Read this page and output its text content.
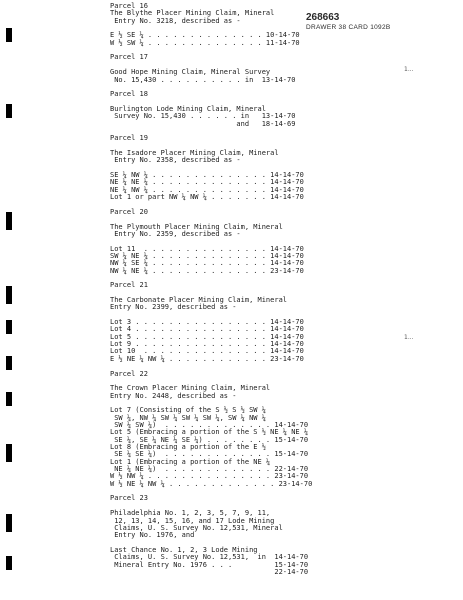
268663
DRAWER 38 CARD 1092B
1...
1...
Parcel 16
The Blythe Placer Mining Claim, Mineral
Entry No. 3218, described as -
E ½ SE ¼ . . . . . . . . . . . . . . 10-14-70
W ½ SW ¼ . . . . . . . . . . . . . . 11-14-70
Parcel 17
Good Hope Mining Claim, Mineral Survey
No. 15,430 . . . . . . . . . . in  13-14-70
Parcel 18
Burlington Lode Mining Claim, Mineral
Survey No. 15,430 . . . . . . in   13-14-70
and   18-14-69
Parcel 19
The Isadore Placer Mining Claim, Mineral
Entry No. 2358, described as -
SE ¼ NW ¼ . . . . . . . . . . . . . . 14-14-70
NE ¼ NE ¼ . . . . . . . . . . . . . . 14-14-70
NE ¼ NW ¼ . . . . . . . . . . . . . . 14-14-70
Lot 1 or part NW ¼ NW ¼ . . . . . . . 14-14-70
Parcel 20
The Plymouth Placer Mining Claim, Mineral
Entry No. 2359, described as -
Lot 11  . . . . . . . . . . . . . . . 14-14-70
SW ¼ NE ¼ . . . . . . . . . . . . . . 14-14-70
NW ¼ SE ¼ . . . . . . . . . . . . . . 14-14-70
NW ¼ NE ¼ . . . . . . . . . . . . . . 23-14-70
Parcel 21
The Carbonate Placer Mining Claim, Mineral
Entry No. 2399, described as -
Lot 3 . . . . . . . . . . . . . . . . 14-14-70
Lot 4 . . . . . . . . . . . . . . . . 14-14-70
Lot 5 . . . . . . . . . . . . . . . . 14-14-70
Lot 9 . . . . . . . . . . . . . . . . 14-14-70
Lot 10  . . . . . . . . . . . . . . . 14-14-70
E ½ NE ¼ NW ¼ . . . . . . . . . . . . 23-14-70
Parcel 22
The Crown Placer Mining Claim, Mineral
Entry No. 2448, described as -
Lot 7 (Consisting of the S ½ S ½ SW ¼
SW ¼, NW ¼ SW ¼ SW ¼ SW ¼, SW ¼ NW ¼
SW ¼ SW ¼)  . . . . . . . . . . . . . 14-14-70
Lot 5 (Embracing a portion of the S ½ NE ¼ NE ¼
SE ¼, SE ¼ NE ¼ SE ¼) . . . . . . . . 15-14-70
Lot 8 (Embracing a portion of the E ½
SE ¼ SE ¼)  . . . . . . . . . . . . . 15-14-70
Lot 1 (Embracing a portion of the NE ¼
NE ¼ NE ¼)  . . . . . . . . . . . . . 22-14-70
W ½ NW ¼ . . . . . . . . . . . . . . . 23-14-70
W ½ NE ¼ NW ¼ . . . . . . . . . . . . . 23-14-70
Parcel 23
Philadelphia No. 1, 2, 3, 5, 7, 9, 11,
12, 13, 14, 15, 16, and 17 Lode Mining
Claims, U. S. Survey No. 12,531, Mineral
Entry No. 1976, and
Last Chance No. 1, 2, 3 Lode Mining
Claims, U. S. Survey No. 12,531,  in  14-14-70
Mineral Entry No. 1976 . . .          15-14-70
22-14-70
